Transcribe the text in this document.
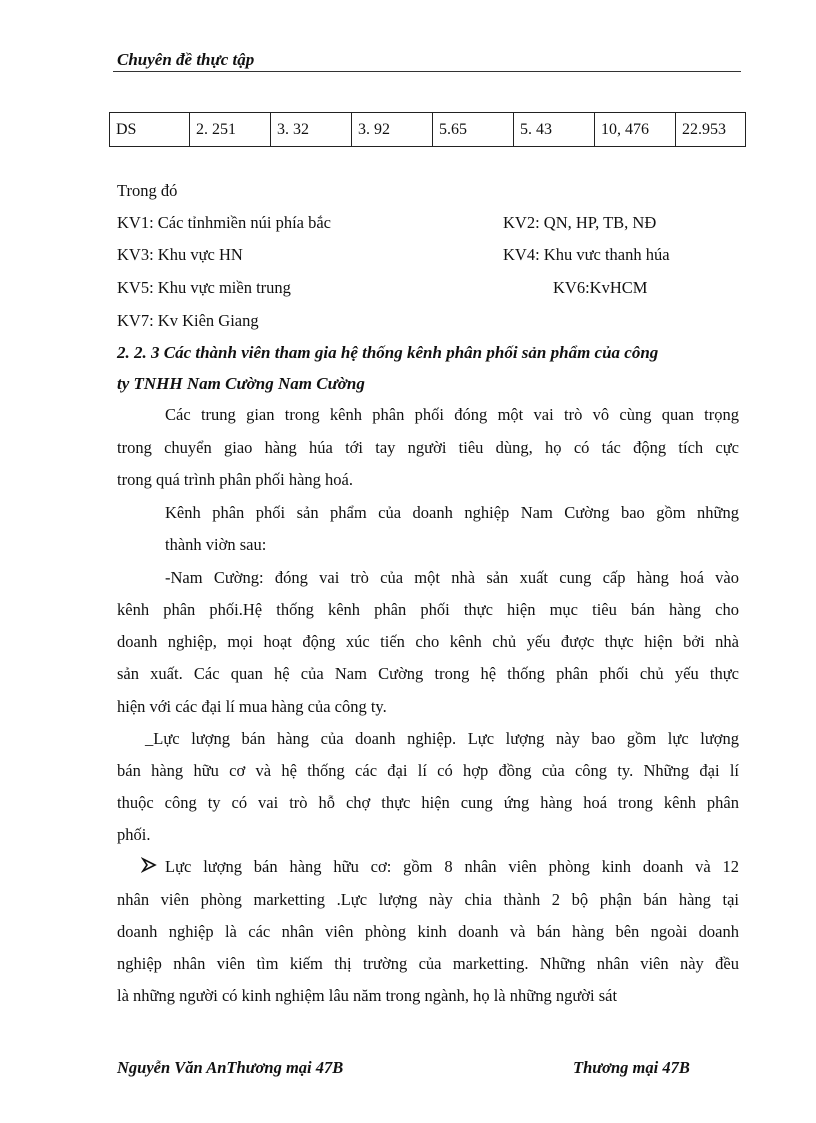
Chuyên đề thực tập
DS	2. 251	3. 32	3. 92	5.65	5. 43	10, 476	22.953
Trong đó
KV1: Các tỉnhmiền núi phía bắc	KV2: QN, HP, TB, NĐ
KV3: Khu vực HN	KV4: Khu vưc thanh húa
KV5: Khu vực miền trung	KV6:KvHCM
KV7: Kv Kiên Giang
2. 2. 3 Các thành viên tham gia hệ thống kênh phân phối sản phẩm của công
ty TNHH Nam Cường Nam Cường
Các trung gian trong kênh phân phối đóng một vai trò vô cùng quan trọng
trong chuyển giao hàng húa tới tay người tiêu dùng, họ có tác động tích cực
trong quá trình phân phối hàng hoá.
Kênh phân phối sản phẩm của doanh nghiệp Nam Cường bao gồm những
thành viờn sau:
-Nam Cường: đóng vai trò của một nhà sản xuất cung cấp hàng hoá vào
kênh phân phối.Hệ thống kênh phân phối thực hiện mục tiêu bán hàng cho
doanh nghiệp, mọi hoạt động xúc tiến cho kênh chủ yếu được thực hiện bởi nhà
sản xuất. Các quan hệ của Nam Cường trong hệ thống phân phối chủ yếu thực
hiện với các đại lí mua hàng của công ty.
_Lực lượng bán hàng của doanh nghiệp. Lực lượng này bao gồm lực lượng
bán hàng hữu cơ và hệ thống các đại lí có hợp đồng của công ty. Những đại lí
thuộc công ty có vai trò hỗ chợ thực hiện cung ứng hàng hoá trong kênh phân
phối.
Lực lượng bán hàng hữu cơ: gồm 8 nhân viên phòng kinh doanh và 12
nhân viên phòng marketting .Lực lượng này chia thành 2 bộ phận bán hàng tại
doanh nghiệp là các nhân viên phòng kinh doanh và bán hàng bên ngoài doanh
nghiệp nhân viên tìm kiếm thị trường của marketting. Những nhân viên này đều
là những người có kinh nghiệm lâu năm trong ngành, họ là những người sát
Nguyễn Văn AnThương mại 47B	Thương mại 47B
